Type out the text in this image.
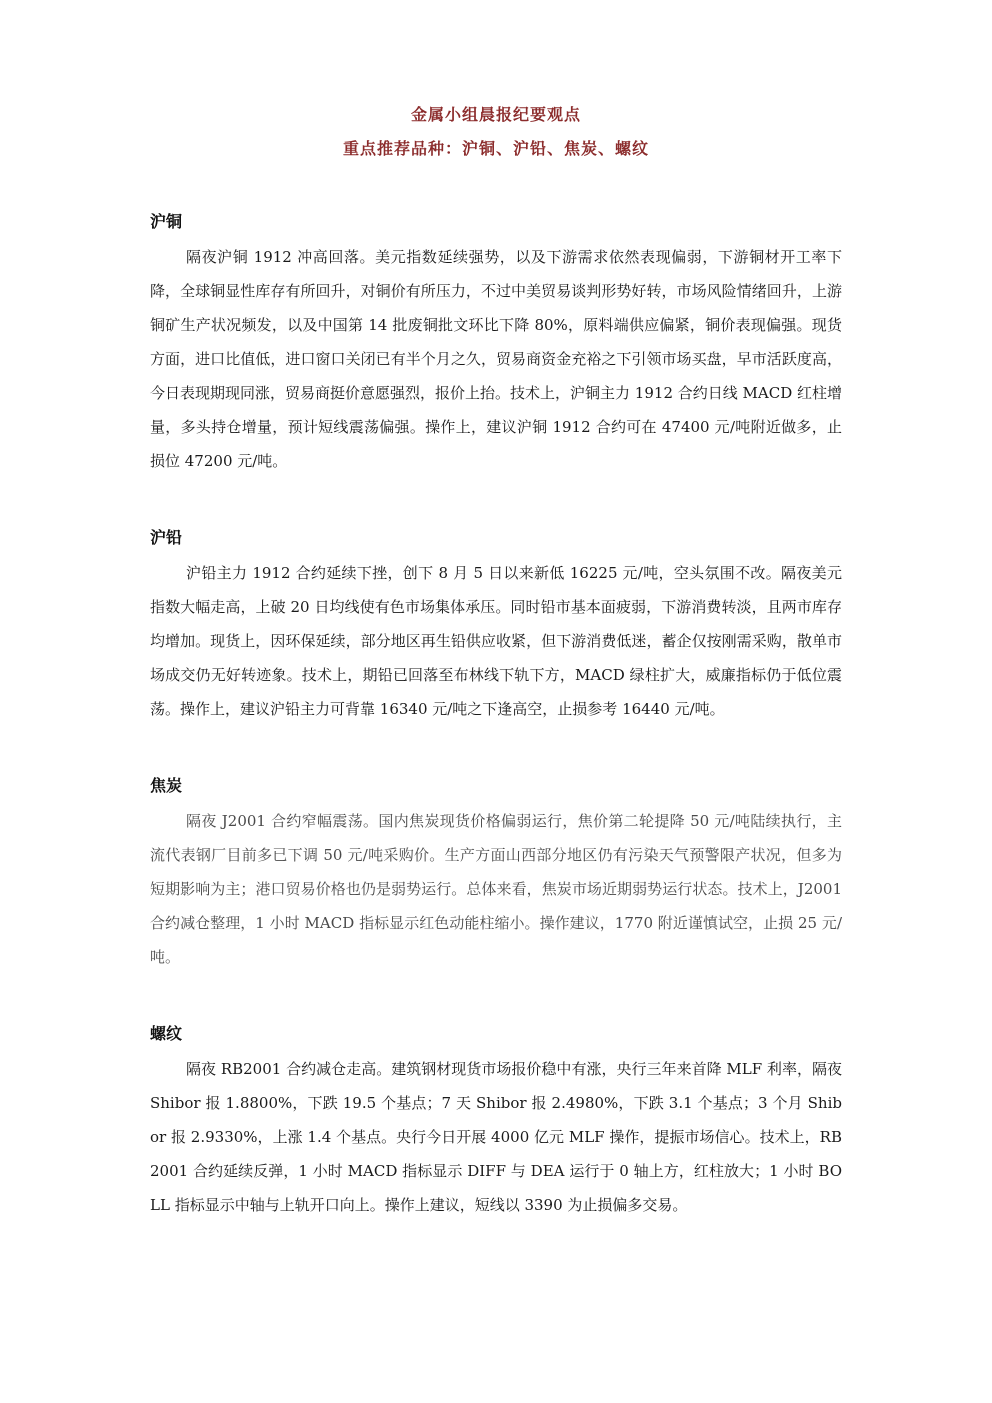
金属小组晨报纪要观点
重点推荐品种：沪铜、沪铅、焦炭、螺纹
沪铜

隔夜沪铜 1912 冲高回落。美元指数延续强势，以及下游需求依然表现偏弱，下游铜材开工率下降，全球铜显性库存有所回升，对铜价有所压力，不过中美贸易谈判形势好转，市场风险情绪回升，上游铜矿生产状况频发，以及中国第 14 批废铜批文环比下降 80%，原料端供应偏紧，铜价表现偏强。现货方面，进口比值低，进口窗口关闭已有半个月之久，贸易商资金充裕之下引领市场买盘，早市活跃度高，今日表现期现同涨，贸易商挺价意愿强烈，报价上抬。技术上，沪铜主力 1912 合约日线 MACD 红柱增量，多头持仓增量，预计短线震荡偏强。操作上，建议沪铜 1912 合约可在 47400 元/吨附近做多，止损位 47200 元/吨。

沪铅

沪铅主力 1912 合约延续下挫，创下 8 月 5 日以来新低 16225 元/吨，空头氛围不改。隔夜美元指数大幅走高，上破 20 日均线使有色市场集体承压。同时铅市基本面疲弱，下游消费转淡，且两市库存均增加。现货上，因环保延续，部分地区再生铅供应收紧，但下游消费低迷，蓄企仅按刚需采购，散单市场成交仍无好转迹象。技术上，期铅已回落至布林线下轨下方，MACD 绿柱扩大，威廉指标仍于低位震荡。操作上，建议沪铅主力可背靠 16340 元/吨之下逢高空，止损参考 16440 元/吨。

焦炭

隔夜 J2001 合约窄幅震荡。国内焦炭现货价格偏弱运行，焦价第二轮提降 50 元/吨陆续执行，主流代表钢厂目前多已下调 50 元/吨采购价。生产方面山西部分地区仍有污染天气预警限产状况，但多为短期影响为主；港口贸易价格也仍是弱势运行。总体来看，焦炭市场近期弱势运行状态。技术上，J2001 合约减仓整理，1 小时 MACD 指标显示红色动能柱缩小。操作建议，1770 附近谨慎试空，止损 25 元/吨。

螺纹

隔夜 RB2001 合约减仓走高。建筑钢材现货市场报价稳中有涨，央行三年来首降 MLF 利率，隔夜 Shibor 报 1.8800%，下跌 19.5 个基点；7 天 Shibor 报 2.4980%，下跌 3.1 个基点；3 个月 Shibor 报 2.9330%，上涨 1.4 个基点。央行今日开展 4000 亿元 MLF 操作，提振市场信心。技术上，RB2001 合约延续反弹，1 小时 MACD 指标显示 DIFF 与 DEA 运行于 0 轴上方，红柱放大；1 小时 BOLL 指标显示中轴与上轨开口向上。操作上建议，短线以 3390 为止损偏多交易。
